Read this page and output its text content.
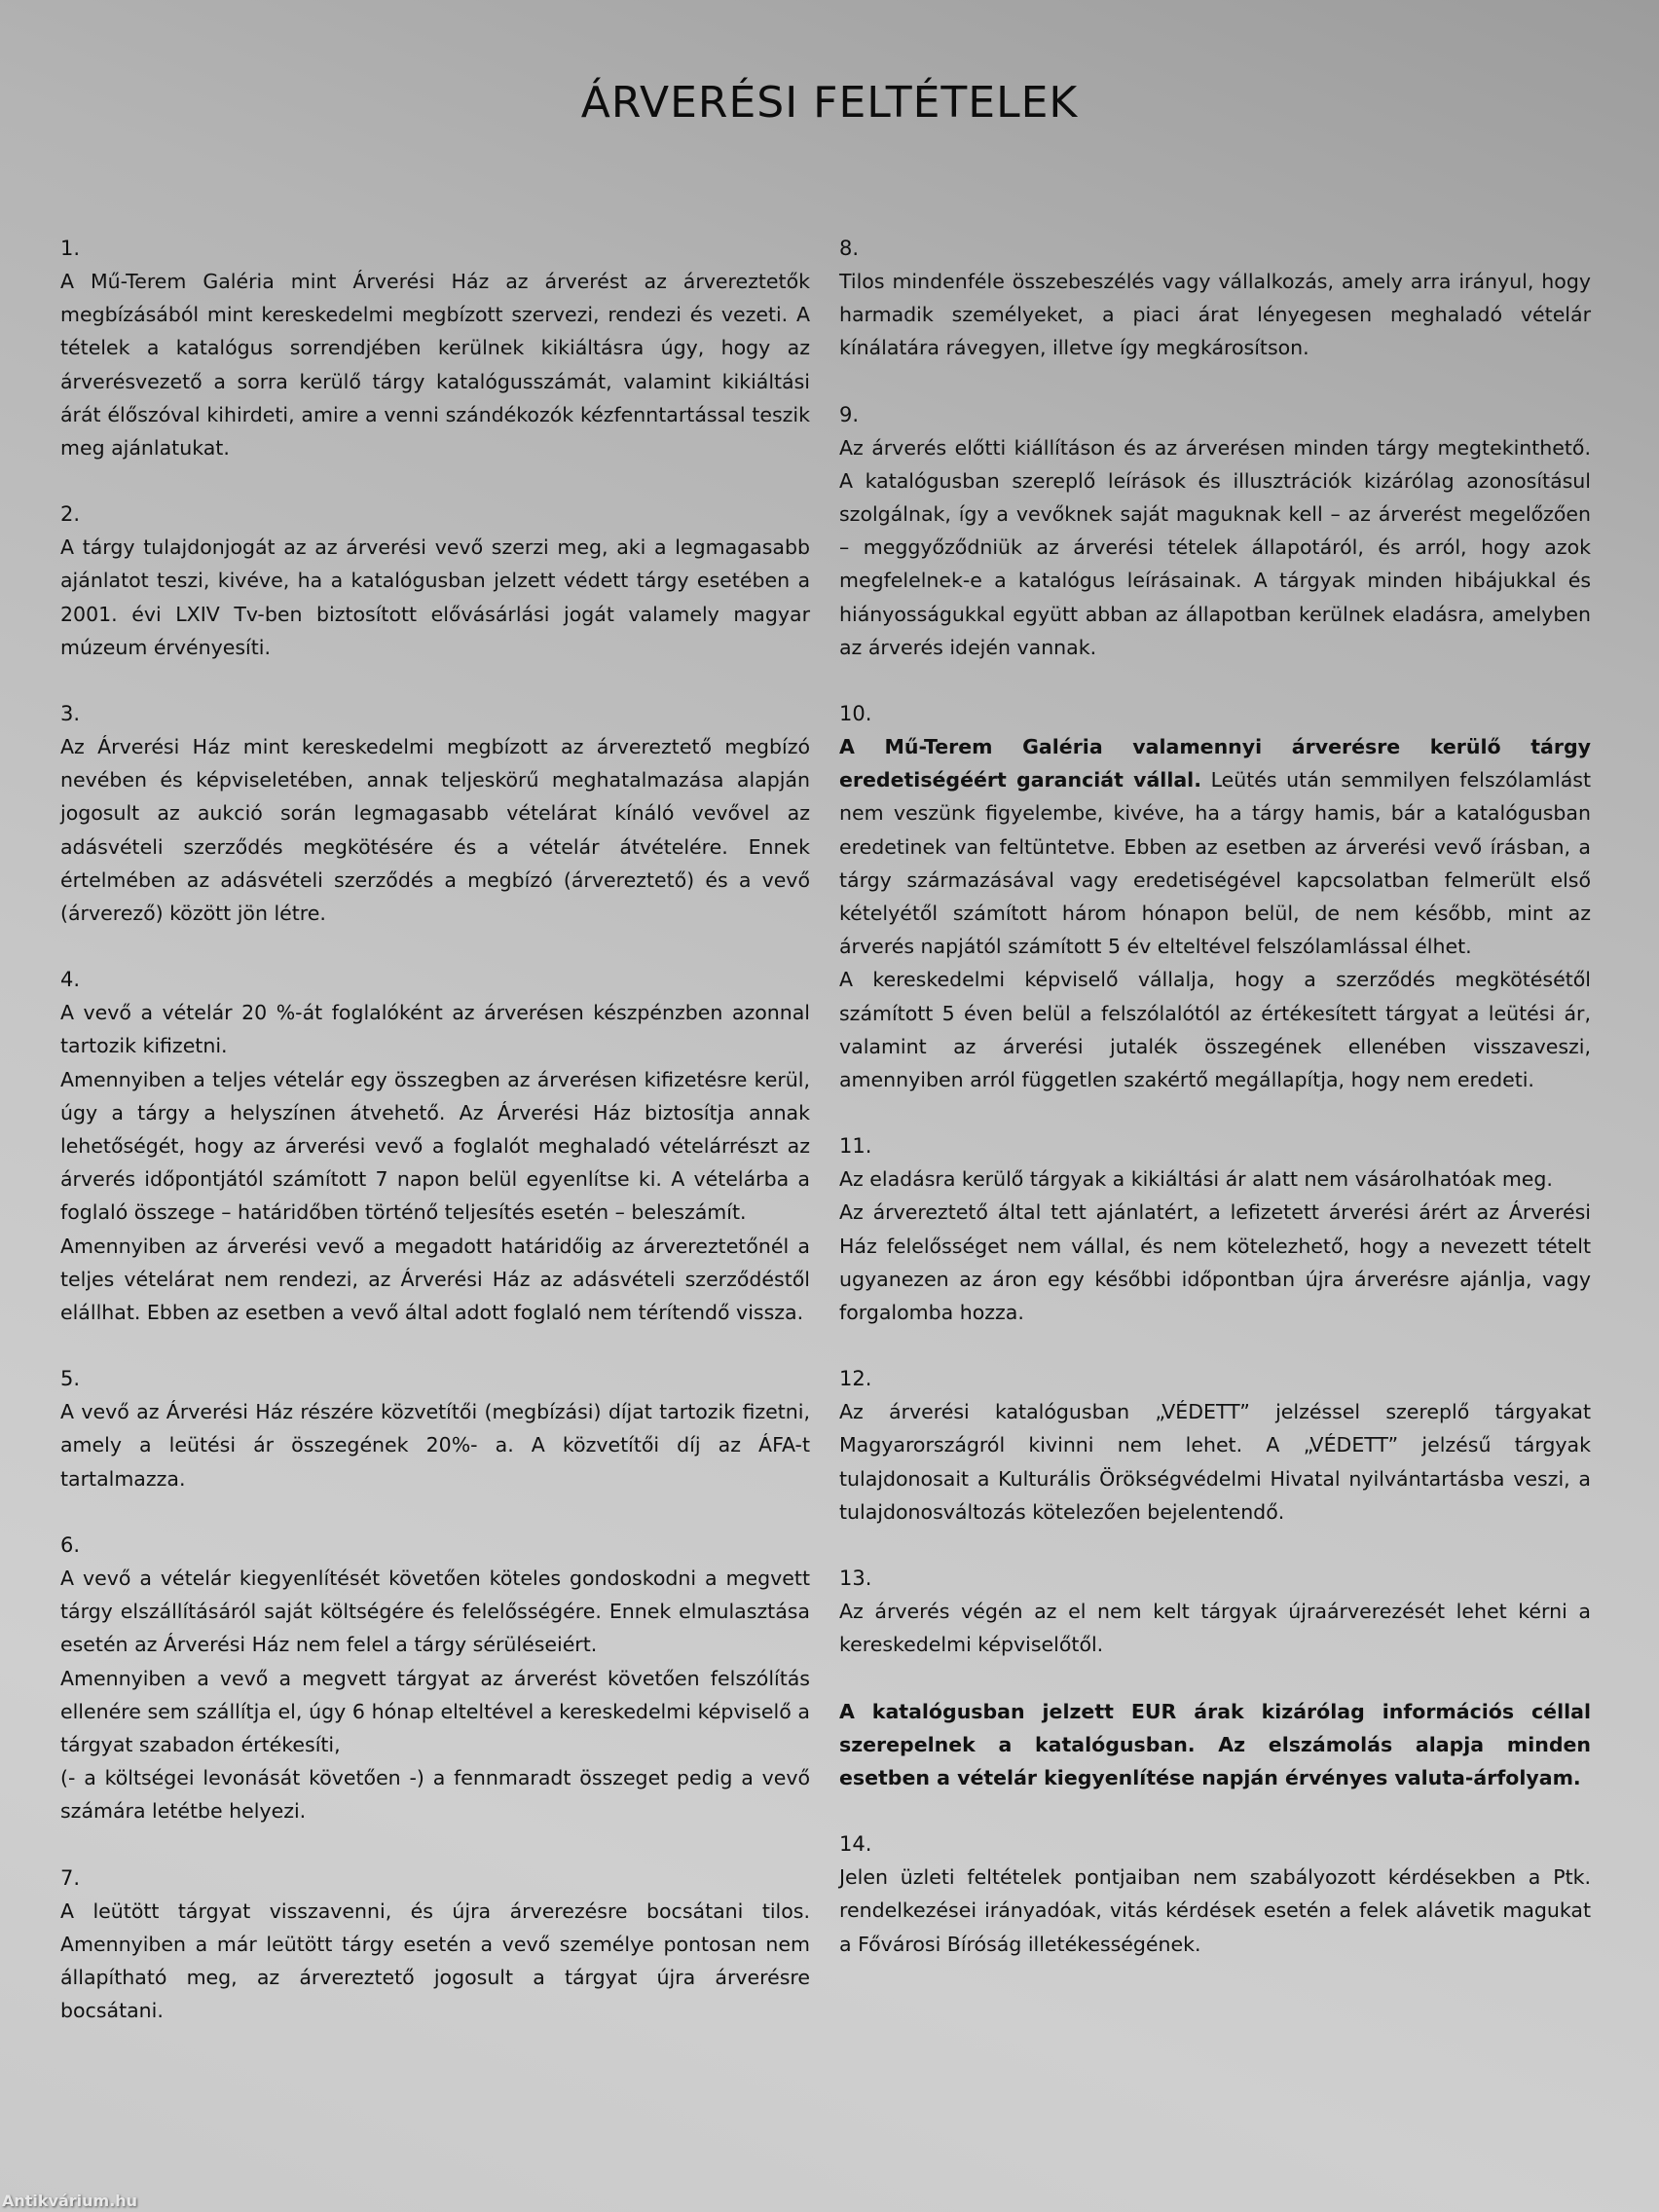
ÁRVERÉSI FELTÉTELEK
1.

A Mű-Terem Galéria mint Árverési Ház az árverést az árvereztetők megbízásából mint kereskedelmi megbízott szervezi, rendezi és vezeti. A tételek a katalógus sorrendjében kerülnek kikiáltásra úgy, hogy az árverésvezető a sorra kerülő tárgy katalógusszámát, valamint kikiáltási árát élőszóval kihirdeti, amire a venni szándékozók kézfenntartással teszik meg ajánlatukat.

2.

A tárgy tulajdonjogát az az árverési vevő szerzi meg, aki a legmagasabb ajánlatot teszi, kivéve, ha a katalógusban jelzett védett tárgy esetében a 2001. évi LXIV Tv-ben biztosított elővásárlási jogát valamely magyar múzeum érvényesíti.

3.

Az Árverési Ház mint kereskedelmi megbízott az árvereztető megbízó nevében és képviseletében, annak teljeskörű meghatalmazása alapján jogosult az aukció során legmagasabb vételárat kínáló vevővel az adásvételi szerződés megkötésére és a vételár átvételére. Ennek értelmében az adásvételi szerződés a megbízó (árvereztető) és a vevő (árverező) között jön létre.

4.

A vevő a vételár 20 %-át foglalóként az árverésen készpénzben azonnal tartozik kifizetni.

Amennyiben a teljes vételár egy összegben az árverésen kifizetésre kerül, úgy a tárgy a helyszínen átvehető. Az Árverési Ház biztosítja annak lehetőségét, hogy az árverési vevő a foglalót meghaladó vételárrészt az árverés időpontjától számított 7 napon belül egyenlítse ki. A vételárba a foglaló összege – határidőben történő teljesítés esetén – beleszámít.

Amennyiben az árverési vevő a megadott határidőig az árvereztetőnél a teljes vételárat nem rendezi, az Árverési Ház az adásvételi szerződéstől elállhat. Ebben az esetben a vevő által adott foglaló nem térítendő vissza.

5.

A vevő az Árverési Ház részére közvetítői (megbízási) díjat tartozik fizetni, amely a leütési ár összegének 20%- a. A közvetítői díj az ÁFA-t tartalmazza.

6.

A vevő a vételár kiegyenlítését követően köteles gondoskodni a megvett tárgy elszállításáról saját költségére és felelősségére. Ennek elmulasztása esetén az Árverési Ház nem felel a tárgy sérüléseiért.

Amennyiben a vevő a megvett tárgyat az árverést követően felszólítás ellenére sem szállítja el, úgy 6 hónap elteltével a kereskedelmi képviselő a tárgyat szabadon értékesíti,

(- a költségei levonását követően -) a fennmaradt összeget pedig a vevő számára letétbe helyezi.

7.

A leütött tárgyat visszavenni, és újra árverezésre bocsátani tilos. Amennyiben a már leütött tárgy esetén a vevő személye pontosan nem állapítható meg, az árvereztető jogosult a tárgyat újra árverésre bocsátani.

8.

Tilos mindenféle összebeszélés vagy vállalkozás, amely arra irányul, hogy harmadik személyeket, a piaci árat lényegesen meghaladó vételár kínálatára rávegyen, illetve így megkárosítson.

9.

Az árverés előtti kiállításon és az árverésen minden tárgy megtekinthető. A katalógusban szereplő leírások és illusztrációk kizárólag azonosításul szolgálnak, így a vevőknek saját maguknak kell – az árverést megelőzően – meggyőződniük az árverési tételek állapotáról, és arról, hogy azok megfelelnek-e a katalógus leírásainak. A tárgyak minden hibájukkal és hiányosságukkal együtt abban az állapotban kerülnek eladásra, amelyben az árverés idején vannak.

10.

A Mű-Terem Galéria valamennyi árverésre kerülő tárgy eredetiségéért garanciát vállal. Leütés után semmilyen felszólamlást nem veszünk figyelembe, kivéve, ha a tárgy hamis, bár a katalógusban eredetinek van feltüntetve. Ebben az esetben az árverési vevő írásban, a tárgy származásával vagy eredetiségével kapcsolatban felmerült első kételyétől számított három hónapon belül, de nem később, mint az árverés napjától számított 5 év elteltével felszólamlással élhet.

A kereskedelmi képviselő vállalja, hogy a szerződés megkötésétől számított 5 éven belül a felszólalótól az értékesített tárgyat a leütési ár, valamint az árverési jutalék összegének ellenében visszaveszi, amennyiben arról független szakértő megállapítja, hogy nem eredeti.

11.

Az eladásra kerülő tárgyak a kikiáltási ár alatt nem vásárolhatóak meg.

Az árvereztető által tett ajánlatért, a lefizetett árverési árért az Árverési Ház felelősséget nem vállal, és nem kötelezhető, hogy a nevezett tételt ugyanezen az áron egy későbbi időpontban újra árverésre ajánlja, vagy forgalomba hozza.

12.

Az árverési katalógusban „VÉDETT” jelzéssel szereplő tárgyakat Magyarországról kivinni nem lehet. A „VÉDETT” jelzésű tárgyak tulajdonosait a Kulturális Örökségvédelmi Hivatal nyilvántartásba veszi, a tulajdonosváltozás kötelezően bejelentendő.

13.

Az árverés végén az el nem kelt tárgyak újraárverezését lehet kérni a kereskedelmi képviselőtől.

A katalógusban jelzett EUR árak kizárólag információs céllal szerepelnek a katalógusban. Az elszámolás alapja minden esetben a vételár kiegyenlítése napján érvényes valuta-árfolyam.

14.

Jelen üzleti feltételek pontjaiban nem szabályozott kérdésekben a Ptk. rendelkezései irányadóak, vitás kérdések esetén a felek alávetik magukat a Fővárosi Bíróság illetékességének.

Antikvárium.hu
